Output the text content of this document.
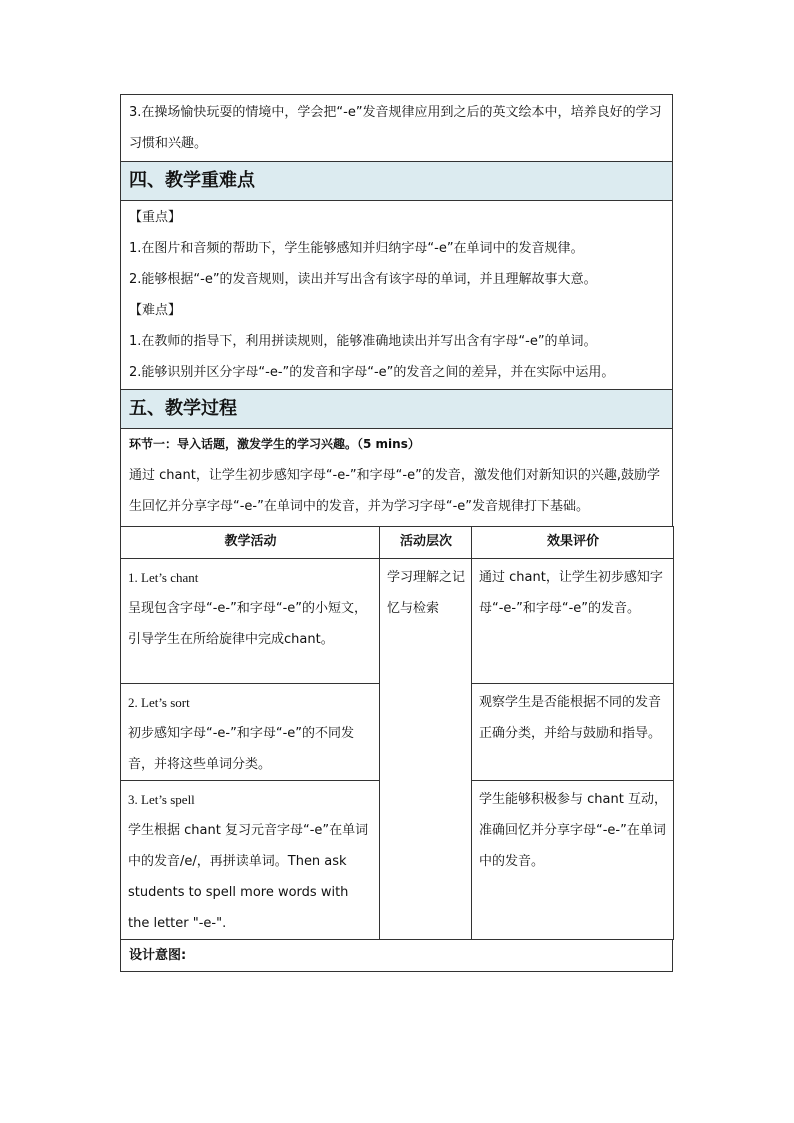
3.在操场愉快玩耍的情境中，学会把“-e”发音规律应用到之后的英文绘本中，培养良好的学习习惯和兴趣。
四、教学重难点
【重点】
1.在图片和音频的帮助下，学生能够感知并归纳字母“-e”在单词中的发音规律。
2.能够根据“-e”的发音规则，读出并写出含有该字母的单词，并且理解故事大意。
【难点】
1.在教师的指导下，利用拼读规则，能够准确地读出并写出含有字母“-e”的单词。
2.能够识别并区分字母“-e-”的发音和字母“-e”的发音之间的差异，并在实际中运用。
五、教学过程
环节一：导入话题，激发学生的学习兴趣。（5 mins）
通过 chant，让学生初步感知字母“-e-”和字母“-e”的发音，激发他们对新知识的兴趣,鼓励学生回忆并分享字母“-e-”在单词中的发音，并为学习字母“-e”发音规律打下基础。
教学活动	活动层次	效果评价

1. Let’s chant
呈现包含字母“-e-”和字母“-e”的小短文，引导学生在所给旋律中完成chant。	学习理解之记忆与检索	通过 chant，让学生初步感知字母“-e-”和字母“-e”的发音。

2. Let’s sort
初步感知字母“-e-”和字母“-e”的不同发音，并将这些单词分类。		观察学生是否能根据不同的发音正确分类，并给与鼓励和指导。

3. Let’s spell
学生根据 chant 复习元音字母“-e”在单词中的发音/e/，再拼读单词。Then ask students to spell more words with the letter "-e-".		学生能够积极参与 chant 互动，准确回忆并分享字母“-e-”在单词中的发音。
设计意图:
